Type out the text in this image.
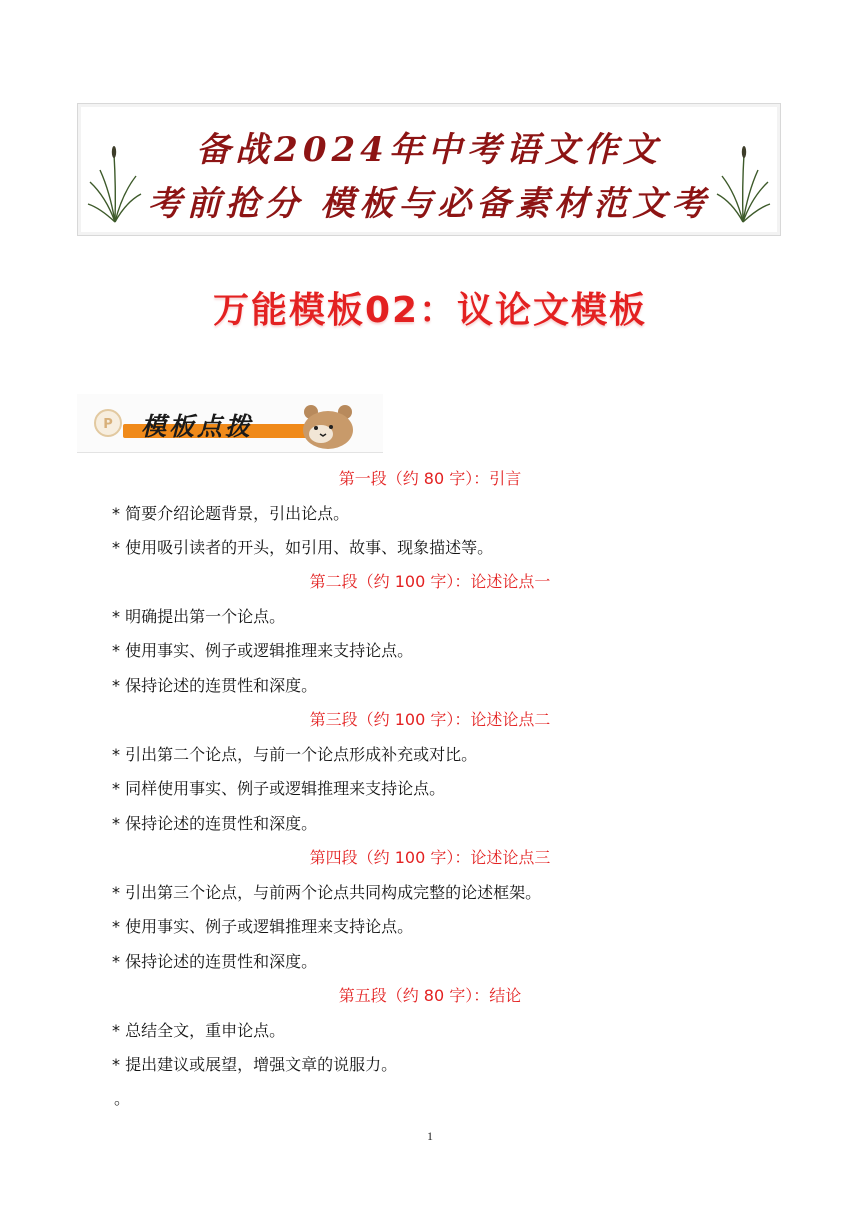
备战2024年中考语文作文
考前抢分 模板与必备素材范文考
万能模板02：议论文模板
P 模板点拨
第一段（约 80 字）：引言
* 简要介绍论题背景，引出论点。
* 使用吸引读者的开头，如引用、故事、现象描述等。
第二段（约 100 字）：论述论点一
* 明确提出第一个论点。
* 使用事实、例子或逻辑推理来支持论点。
* 保持论述的连贯性和深度。
第三段（约 100 字）：论述论点二
* 引出第二个论点，与前一个论点形成补充或对比。
* 同样使用事实、例子或逻辑推理来支持论点。
* 保持论述的连贯性和深度。
第四段（约 100 字）：论述论点三
* 引出第三个论点，与前两个论点共同构成完整的论述框架。
* 使用事实、例子或逻辑推理来支持论点。
* 保持论述的连贯性和深度。
第五段（约 80 字）：结论
* 总结全文，重申论点。
* 提出建议或展望，增强文章的说服力。
。
1
